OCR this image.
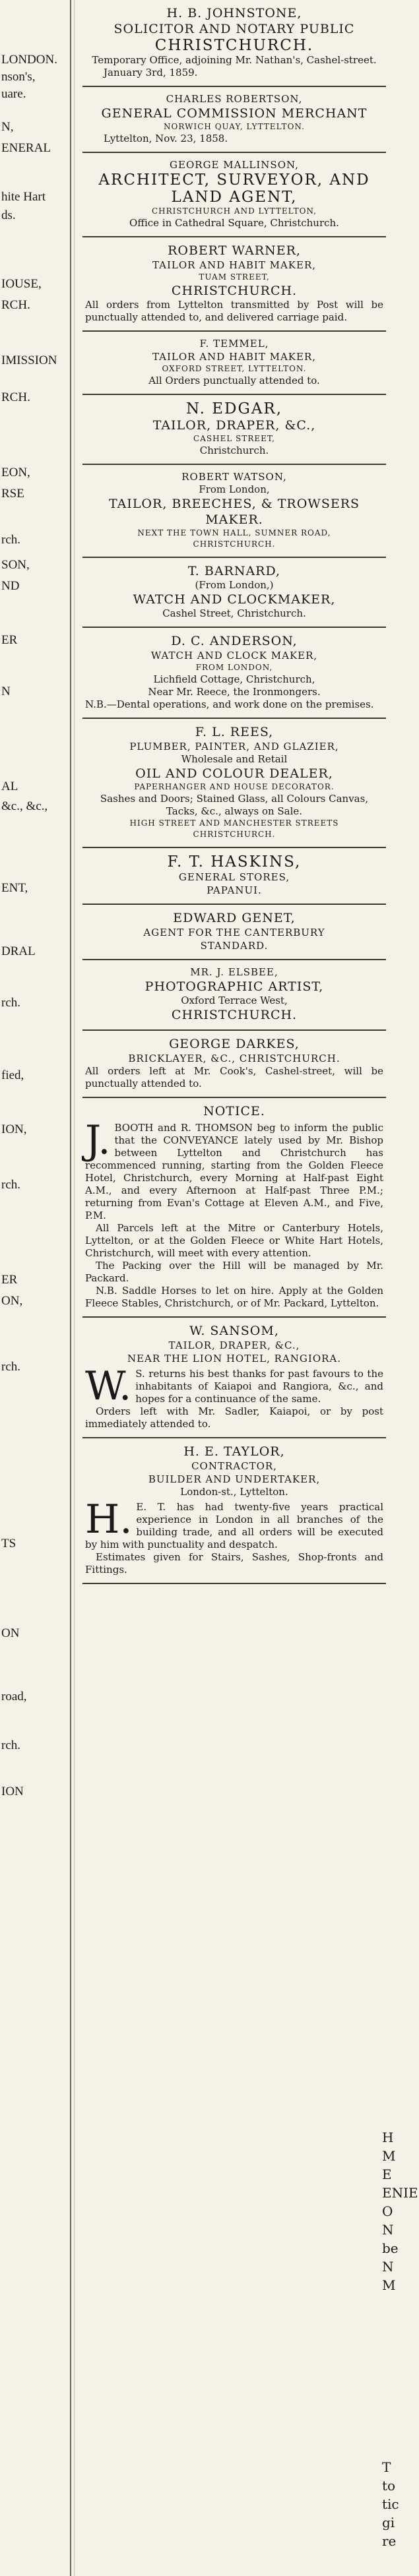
LONDON.
nson's,
uare.
N,
ENERAL
hite Hart
ds.
IOUSE,
RCH.
IMISSION
RCH.
EON,
RSE
rch.
SON,
ND
ER
N
AL
&c., &c.,
ENT,
DRAL
rch.
fied,
ION,
rch.
ER
ON,
rch.
TS
ON
road,
rch.
ION
H. B. JOHNSTONE,
SOLICITOR AND NOTARY PUBLIC
CHRISTCHURCH.
Temporary Office, adjoining Mr. Nathan's, Cashel-street.
January 3rd, 1859.
CHARLES ROBERTSON,
GENERAL COMMISSION MERCHANT
NORWICH QUAY, LYTTELTON.
Lyttelton, Nov. 23, 1858.
GEORGE MALLINSON,
ARCHITECT, SURVEYOR, AND
LAND AGENT,
CHRISTCHURCH AND LYTTELTON,
Office in Cathedral Square, Christchurch.
ROBERT WARNER,
TAILOR AND HABIT MAKER,
TUAM STREET,
CHRISTCHURCH.
All orders from Lyttelton transmitted by Post will be punctually attended to, and delivered carriage paid.
F. TEMMEL,
TAILOR AND HABIT MAKER,
OXFORD STREET, LYTTELTON.
All Orders punctually attended to.
N. EDGAR,
TAILOR, DRAPER, &C.,
CASHEL STREET,
Christchurch.
ROBERT WATSON,
From London,
TAILOR, BREECHES, & TROWSERS
MAKER.
NEXT THE TOWN HALL, SUMNER ROAD,
CHRISTCHURCH.
T. BARNARD,
(From London,)
WATCH AND CLOCKMAKER,
Cashel Street, Christchurch.
D. C. ANDERSON,
WATCH AND CLOCK MAKER,
FROM LONDON,
Lichfield Cottage, Christchurch,
Near Mr. Reece, the Ironmongers.
N.B.—Dental operations, and work done on the premises.
F. L. REES,
PLUMBER, PAINTER, AND GLAZIER,
Wholesale and Retail
OIL AND COLOUR DEALER,
PAPERHANGER AND HOUSE DECORATOR.
Sashes and Doors; Stained Glass, all Colours Canvas, Tacks, &c., always on Sale.
HIGH STREET AND MANCHESTER STREETS
CHRISTCHURCH.
F. T. HASKINS,
GENERAL STORES,
PAPANUI.
EDWARD GENET,
AGENT FOR THE CANTERBURY
STANDARD.
MR. J. ELSBEE,
PHOTOGRAPHIC ARTIST,
Oxford Terrace West,
CHRISTCHURCH.
GEORGE DARKES,
BRICKLAYER, &C., CHRISTCHURCH.
All orders left at Mr. Cook's, Cashel-street, will be punctually attended to.
NOTICE.
J. BOOTH and R. THOMSON beg to inform the public that the CONVEYANCE lately used by Mr. Bishop between Lyttelton and Christchurch has recommenced running, starting from the Golden Fleece Hotel, Christchurch, every Morning at Half-past Eight A.M., and every Afternoon at Half-past Three P.M.; returning from Evan's Cottage at Eleven A.M., and Five, P.M.
All Parcels left at the Mitre or Canterbury Hotels, Lyttelton, or at the Golden Fleece or White Hart Hotels, Christchurch, will meet with every attention.
The Packing over the Hill will be managed by Mr. Packard.
N.B. Saddle Horses to let on hire. Apply at the Golden Fleece Stables, Christchurch, or of Mr. Packard, Lyttelton.
W. SANSOM,
TAILOR, DRAPER, &C.,
NEAR THE LION HOTEL, RANGIORA.
W. S. returns his best thanks for past favours to the inhabitants of Kaiapoi and Rangiora, &c., and hopes for a continuance of the same.
Orders left with Mr. Sadler, Kaiapoi, or by post immediately attended to.
H. E. TAYLOR,
CONTRACTOR,
BUILDER AND UNDERTAKER,
London-st., Lyttelton.
H. E. T. has had twenty-five years practical experience in London in all branches of the building trade, and all orders will be executed by him with punctuality and despatch.
Estimates given for Stairs, Sashes, Shop-fronts and Fittings.
H
M
E
ENIE
O
N
be
N
M
T
to
tic
gi
re
